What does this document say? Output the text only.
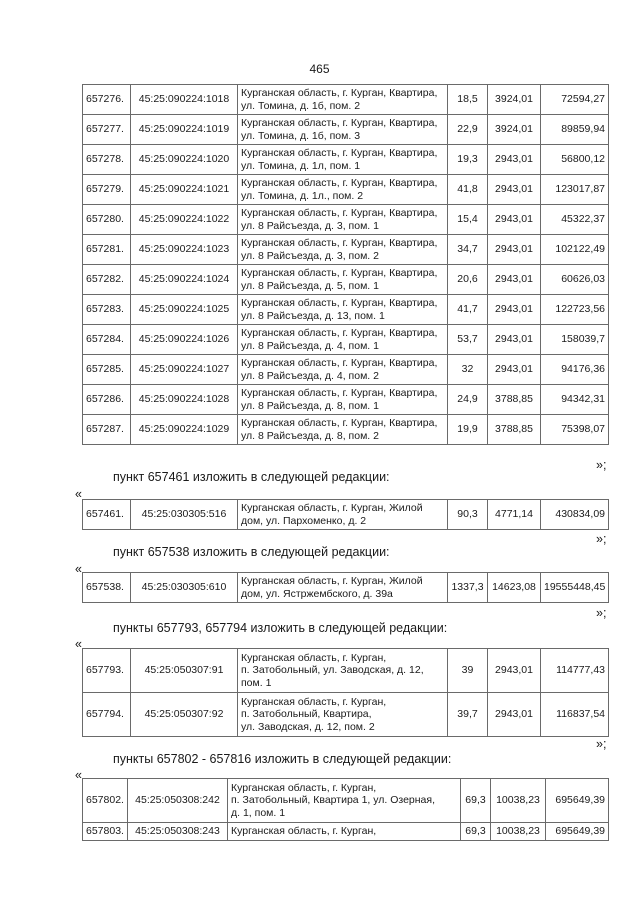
465
657276.	45:25:090224:1018	Курганская область, г. Курган, Квартира,
ул. Томина, д. 1б, пом. 2	18,5	3924,01	72594,27
657277.	45:25:090224:1019	Курганская область, г. Курган, Квартира,
ул. Томина, д. 1б, пом. 3	22,9	3924,01	89859,94
657278.	45:25:090224:1020	Курганская область, г. Курган, Квартира,
ул. Томина, д. 1л, пом. 1	19,3	2943,01	56800,12
657279.	45:25:090224:1021	Курганская область, г. Курган, Квартира,
ул. Томина, д. 1л., пом. 2	41,8	2943,01	123017,87
657280.	45:25:090224:1022	Курганская область, г. Курган, Квартира,
ул. 8 Райсъезда, д. 3, пом. 1	15,4	2943,01	45322,37
657281.	45:25:090224:1023	Курганская область, г. Курган, Квартира,
ул. 8 Райсъезда, д. 3, пом. 2	34,7	2943,01	102122,49
657282.	45:25:090224:1024	Курганская область, г. Курган, Квартира,
ул. 8 Райсъезда, д. 5, пом. 1	20,6	2943,01	60626,03
657283.	45:25:090224:1025	Курганская область, г. Курган, Квартира,
ул. 8 Райсъезда, д. 13, пом. 1	41,7	2943,01	122723,56
657284.	45:25:090224:1026	Курганская область, г. Курган, Квартира,
ул. 8 Райсъезда, д. 4, пом. 1	53,7	2943,01	158039,7
657285.	45:25:090224:1027	Курганская область, г. Курган, Квартира,
ул. 8 Райсъезда, д. 4, пом. 2	32	2943,01	94176,36
657286.	45:25:090224:1028	Курганская область, г. Курган, Квартира,
ул. 8 Райсъезда, д. 8, пом. 1	24,9	3788,85	94342,31
657287.	45:25:090224:1029	Курганская область, г. Курган, Квартира,
ул. 8 Райсъезда, д. 8, пом. 2	19,9	3788,85	75398,07
»;
пункт 657461 изложить в следующей редакции:
«
657461.	45:25:030305:516	
Курганская область, г. Курган, Жилой
дом, ул. Пархоменко, д. 2
	90,3	4771,14	430834,09
»;
пункт 657538 изложить в следующей редакции:
«
657538.	45:25:030305:610	
Курганская область, г. Курган, Жилой
дом, ул. Ястржембского, д. 39а
	1337,3	14623,08	19555448,45
»;
пункты 657793, 657794 изложить в следующей редакции:
«
657793.	45:25:050307:91	Курганская область, г. Курган,
п. Затобольный, ул. Заводская, д. 12,
пом. 1	39	2943,01	114777,43
657794.	45:25:050307:92	Курганская область, г. Курган,
п. Затобольный, Квартира,
ул. Заводская, д. 12, пом. 2	39,7	2943,01	116837,54
»;
пункты 657802 - 657816 изложить в следующей редакции:
«
657802.	45:25:050308:242	Курганская область, г. Курган,
п. Затобольный, Квартира 1, ул. Озерная,
д. 1, пом. 1	69,3	10038,23	695649,39
657803.	45:25:050308:243	Курганская область, г. Курган,	69,3	10038,23	695649,39
